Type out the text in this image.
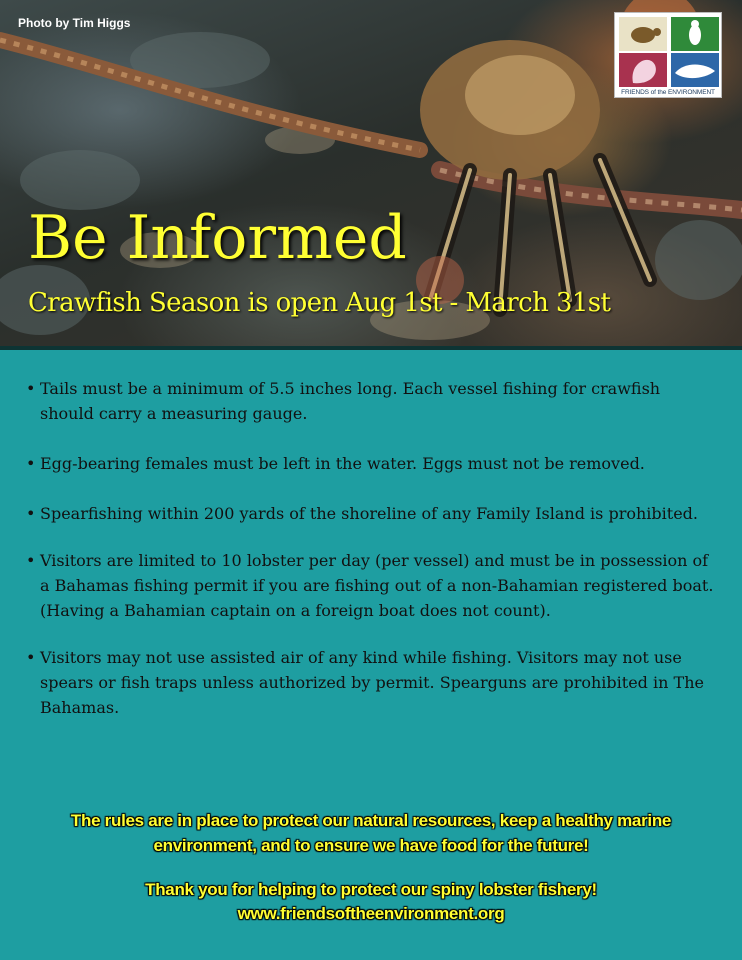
Photo by Tim Higgs
FRIENDS of the ENVIRONMENT
Be Informed
Crawfish Season is open Aug 1st - March 31st
• Tails must be a minimum of 5.5 inches long. Each vessel fishing for crawfish should carry a measuring gauge.
• Egg-bearing females must be left in the water. Eggs must not be removed.
• Spearfishing within 200 yards of the shoreline of any Family Island is prohibited.
• Visitors are limited to 10 lobster per day (per vessel) and must be in possession of a Bahamas fishing permit if you are fishing out of a non-Bahamian registered boat. (Having a Bahamian captain on a foreign boat does not count).
• Visitors may not use assisted air of any kind while fishing. Visitors may not use spears or fish traps unless authorized by permit. Spearguns are prohibited in The Bahamas.
The rules are in place to protect our natural resources, keep a healthy marine environment, and to ensure we have food for the future!
Thank you for helping to protect our spiny lobster fishery!
www.friendsoftheenvironment.org
